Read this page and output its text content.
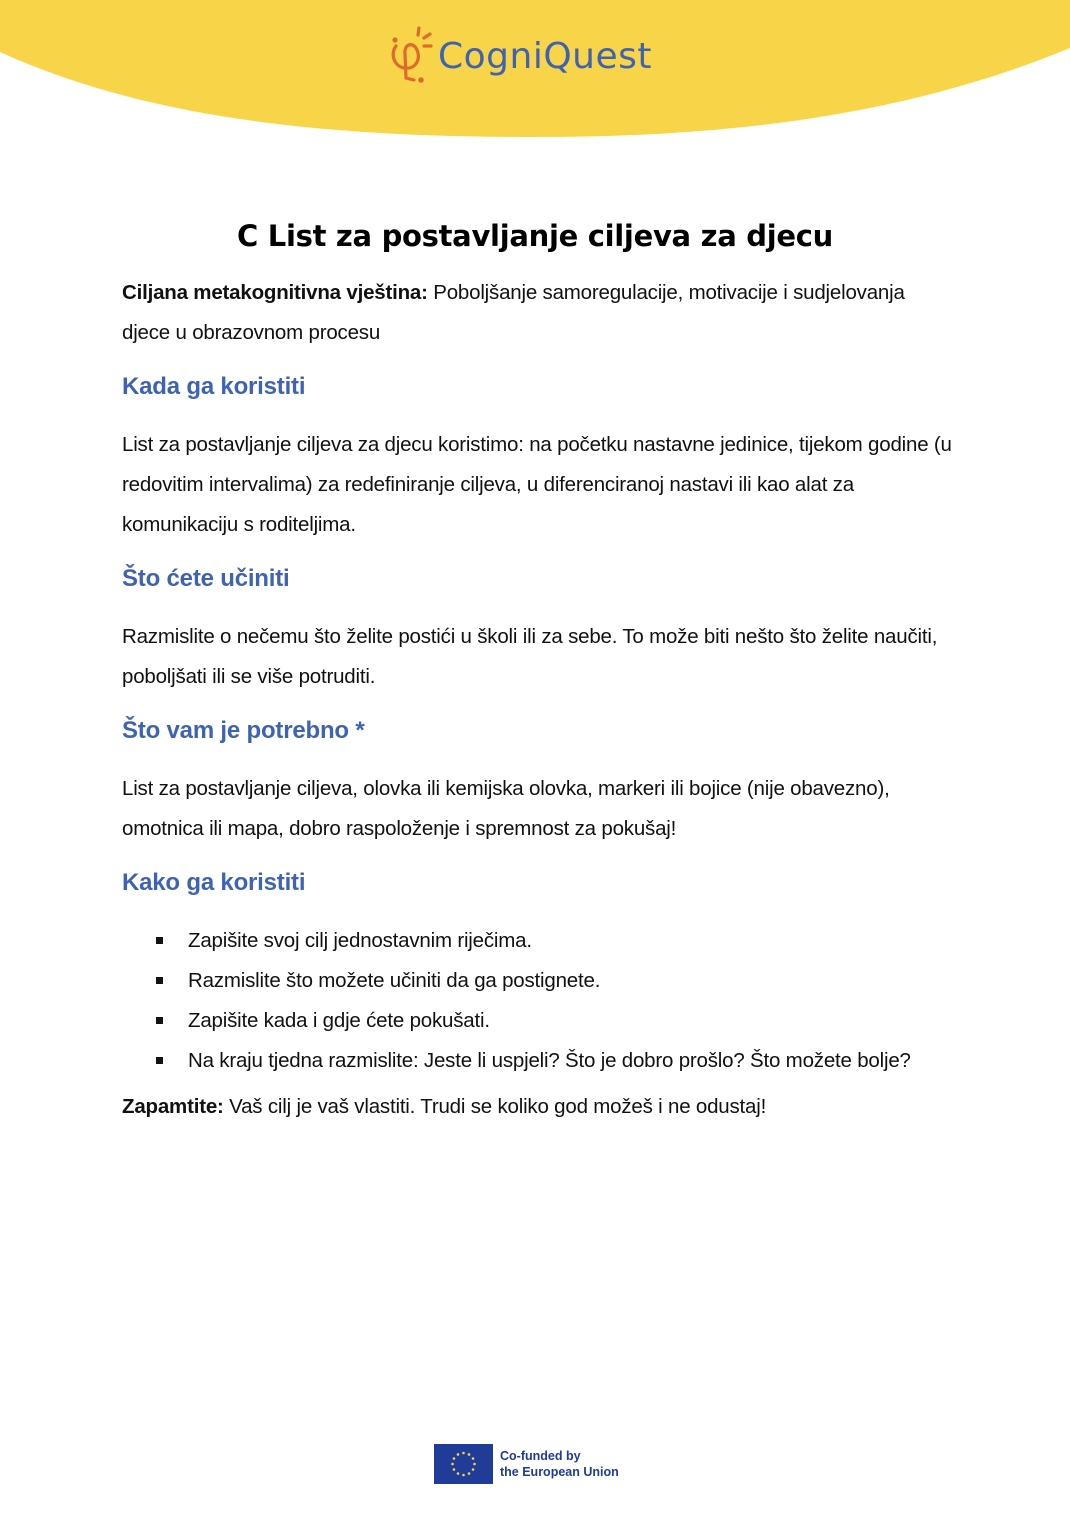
CogniQuest
C List za postavljanje ciljeva za djecu

Ciljana metakognitivna vještina: Poboljšanje samoregulacije, motivacije i sudjelovanja djece u obrazovnom procesu

Kada ga koristiti

List za postavljanje ciljeva za djecu koristimo: na početku nastavne jedinice, tijekom godine (u redovitim intervalima) za redefiniranje ciljeva, u diferenciranoj nastavi ili kao alat za komunikaciju s roditeljima.

Što ćete učiniti

Razmislite o nečemu što želite postići u školi ili za sebe. To može biti nešto što želite naučiti, poboljšati ili se više potruditi.

Što vam je potrebno *

List za postavljanje ciljeva, olovka ili kemijska olovka, markeri ili bojice (nije obavezno), omotnica ili mapa, dobro raspoloženje i spremnost za pokušaj!

Kako ga koristiti
Zapišite svoj cilj jednostavnim riječima.
Razmislite što možete učiniti da ga postignete.
Zapišite kada i gdje ćete pokušati.
Na kraju tjedna razmislite: Jeste li uspjeli? Što je dobro prošlo? Što možete bolje?

Zapamtite: Vaš cilj je vaš vlastiti. Trudi se koliko god možeš i ne odustaj!

Co-funded by
the European Union
